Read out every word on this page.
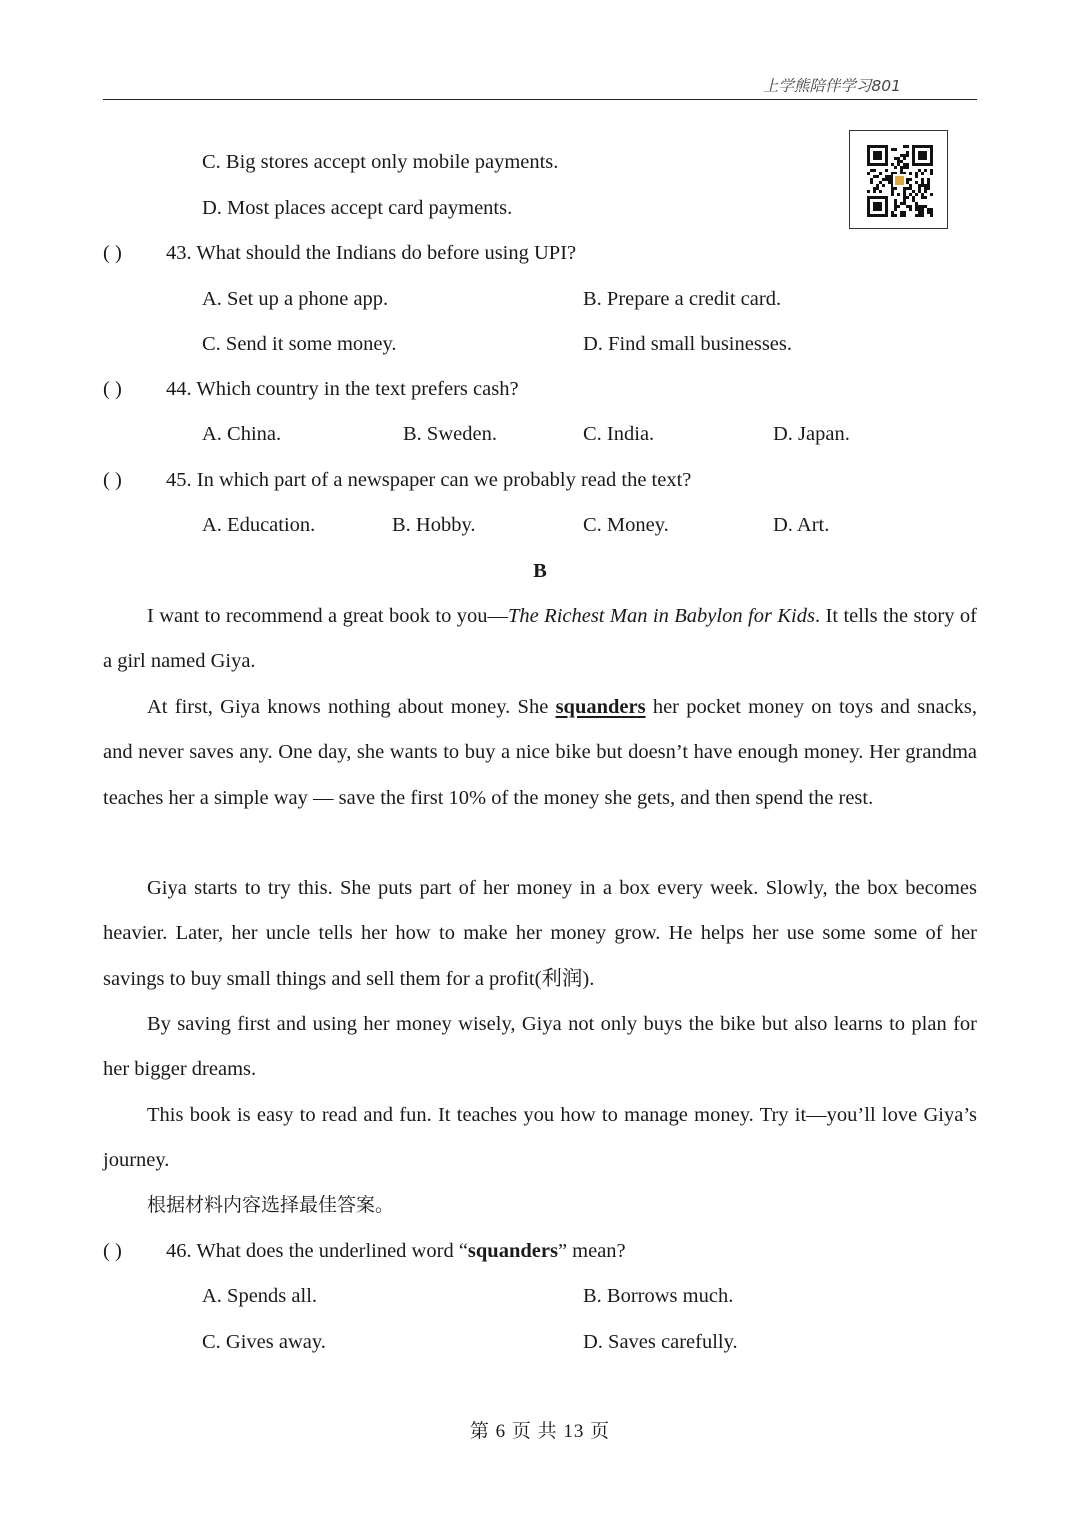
上学熊陪伴学习801
C. Big stores accept only mobile payments.
D. Most places accept card payments.
( ) 43. What should the Indians do before using UPI?
A. Set up a phone app.	B. Prepare a credit card.
C. Send it some money.	D. Find small businesses.
( ) 44. Which country in the text prefers cash?
A. China.	B. Sweden.	C. India.	D. Japan.
( ) 45. In which part of a newspaper can we probably read the text?
A. Education.	B. Hobby.	C. Money.	D. Art.
B
I want to recommend a great book to you—The Richest Man in Babylon for Kids. It tells the story of a girl named Giya.
At first, Giya knows nothing about money. She squanders her pocket money on toys and snacks, and never saves any. One day, she wants to buy a nice bike but doesn’t have enough money. Her grandma teaches her a simple way — save the first 10% of the money she gets, and then spend the rest.
Giya starts to try this. She puts part of her money in a box every week. Slowly, the box becomes heavier. Later, her uncle tells her how to make her money grow. He helps her use some some of her savings to buy small things and sell them for a profit(利润).
By saving first and using her money wisely, Giya not only buys the bike but also learns to plan for her bigger dreams.
This book is easy to read and fun. It teaches you how to manage money. Try it—you’ll love Giya’s journey.
根据材料内容选择最佳答案。
( ) 46. What does the underlined word “squanders” mean?
A. Spends all.	B. Borrows much.
C. Gives away.	D. Saves carefully.
第 6 页 共 13 页
